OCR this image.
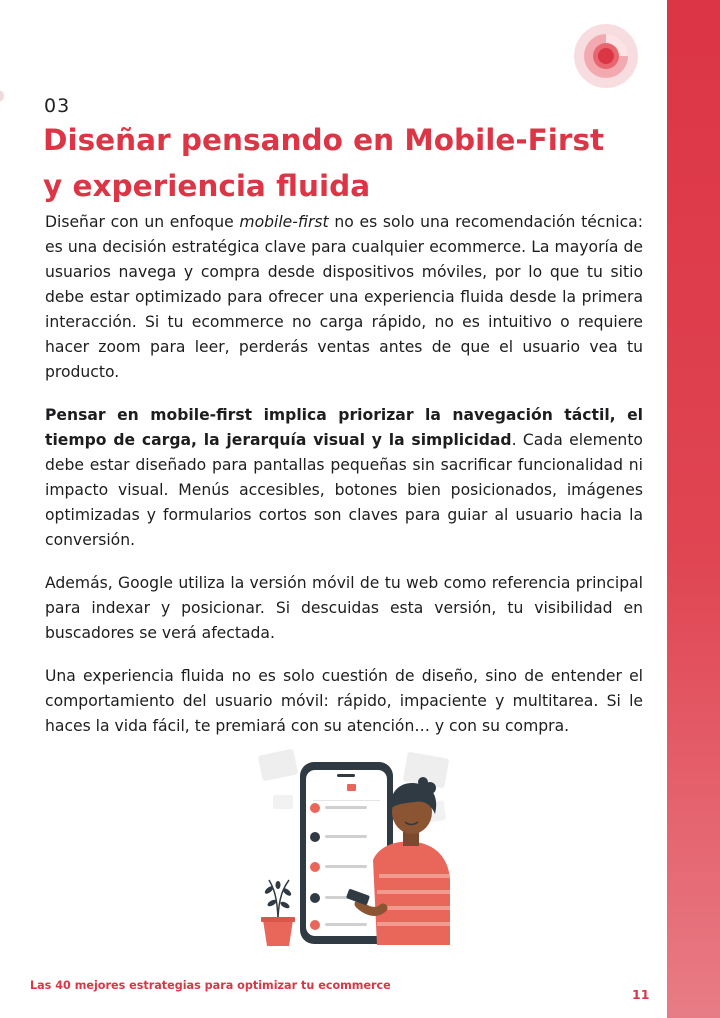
03
Diseñar pensando en Mobile-First
y experiencia fluida

Diseñar con un enfoque mobile-first no es solo una recomendación técnica: es una decisión estratégica clave para cualquier ecommerce. La mayoría de usuarios navega y compra desde dispositivos móviles, por lo que tu sitio debe estar optimizado para ofrecer una experiencia fluida desde la primera interacción. Si tu ecommerce no carga rápido, no es intuitivo o requiere hacer zoom para leer, perderás ventas antes de que el usuario vea tu producto.

Pensar en mobile-first implica priorizar la navegación táctil, el tiempo de carga, la jerarquía visual y la simplicidad. Cada elemento debe estar diseñado para pantallas pequeñas sin sacrificar funcionalidad ni impacto visual. Menús accesibles, botones bien posicionados, imágenes optimizadas y formularios cortos son claves para guiar al usuario hacia la conversión.

Además, Google utiliza la versión móvil de tu web como referencia principal para indexar y posicionar. Si descuidas esta versión, tu visibilidad en buscadores se verá afectada.

Una experiencia fluida no es solo cuestión de diseño, sino de entender el comportamiento del usuario móvil: rápido, impaciente y multitarea. Si le haces la vida fácil, te premiará con su atención… y con su compra.

Las 40 mejores estrategias para optimizar tu ecommerce
11
